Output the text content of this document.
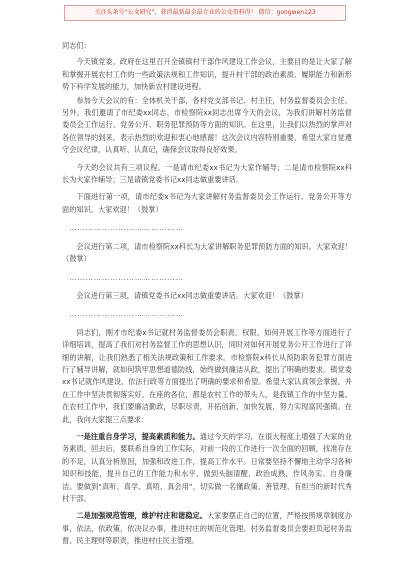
关注头条号“公文研究”，获得最新最全最专业的公文资料得！ 微信：gongwen123

同志们：

今天镇党委、政府在这里召开全镇镇村干部作风建设工作会议，主要目的是让大家了解和掌握开展农村工作的一些政策法规和工作知识，提升村干部的政治素质、履职能力和新形势下科学发展的能力，加快新农村建设进程。

参加今天会议的有：全体机关干部，各村党支部书记、村主任，村务监督委员会主任。另外，我们邀请了市纪委xx同志、市检察院xx同志出席今天的会议，为我们讲解村务监督委员会工作运行、党务公开、职务犯罪预防等方面的知识。在这里，让我们以热烈的掌声对各位领导的到来，表示热烈的欢迎和衷心地感谢！这次会议内容特别重要，希望大家自觉遵守会议纪律，认真听、认真记，确保会议取得良好效果。

今天的会议共有三项议程。一是请市纪委xx书记为大家作辅导；二是请市检察院xx科长为大家作辅导；三是请镇党委书记xx同志做重要讲话。

下面进行第一项，请市纪委x书记为大家讲解村务监督委员会工作运行、党务公开等方面的知识。大家欢迎！（鼓掌）

……………………………………

会议进行第二项，请市检察院xx科长为大家讲解职务犯罪预防方面的知识。大家欢迎！（鼓掌）

……………………………………

会议进行第三项，请镇党委书记xx同志做重要讲话。大家欢迎！（鼓掌）

……………………………………

同志们，刚才市纪委x书记就村务监督委员会职责、权限、如何开展工作等方面进行了详细培训，提高了我们对村务监督工作的思想认识，同时对如何开展党务公开工作进行了详细的讲解，让我们熟悉了相关法规政策和工作要求。市检察院x科长从预防职务犯罪方面进行了辅导讲解，就如何筑牢思想道德防线，始终做到廉洁从政，提出了明确的要求。镇党委xx书记就作风建设、依法行政等方面提出了明确的要求和希望。希望大家认真领会掌握，并在工作中坚决贯彻落实好。在座的各位，都是农村工作的带头人，是我镇工作的中坚力量。在农村工作中，我们要廉洁勤政，尽职尽责，开拓创新，加快发展，努力实现富民强镇。在此，我向大家提三点要求：

一是注重自身学习，提高素质和能力。通过今天的学习，在很大程度上增强了大家的业务素质，回去后，要联系自身的工作实际，对前一段的工作进行一次全面的回顾，找准存在的不足，认真分析原因，加强和改进工作，提高工作水平。日常要坚持不懈地主动学习各种知识和技能，提升自己的工作能力和水平，做到头脑清醒、政治成熟、作风务实、自身廉洁。要做到“真听、真学、真唔、真会用”，切实做一名懂政策、善管理、有担当的新时代秀村干部。

二是加强规范管理，维护村庄和谐稳定。大家要摆正自己的位置，严格按照规章制度办事，依法、依政策、依决议办事，推进村庄的规范化管理。村务监督委员会要担负起村务监督、民主理财等职责，推进村庄民主管理。
